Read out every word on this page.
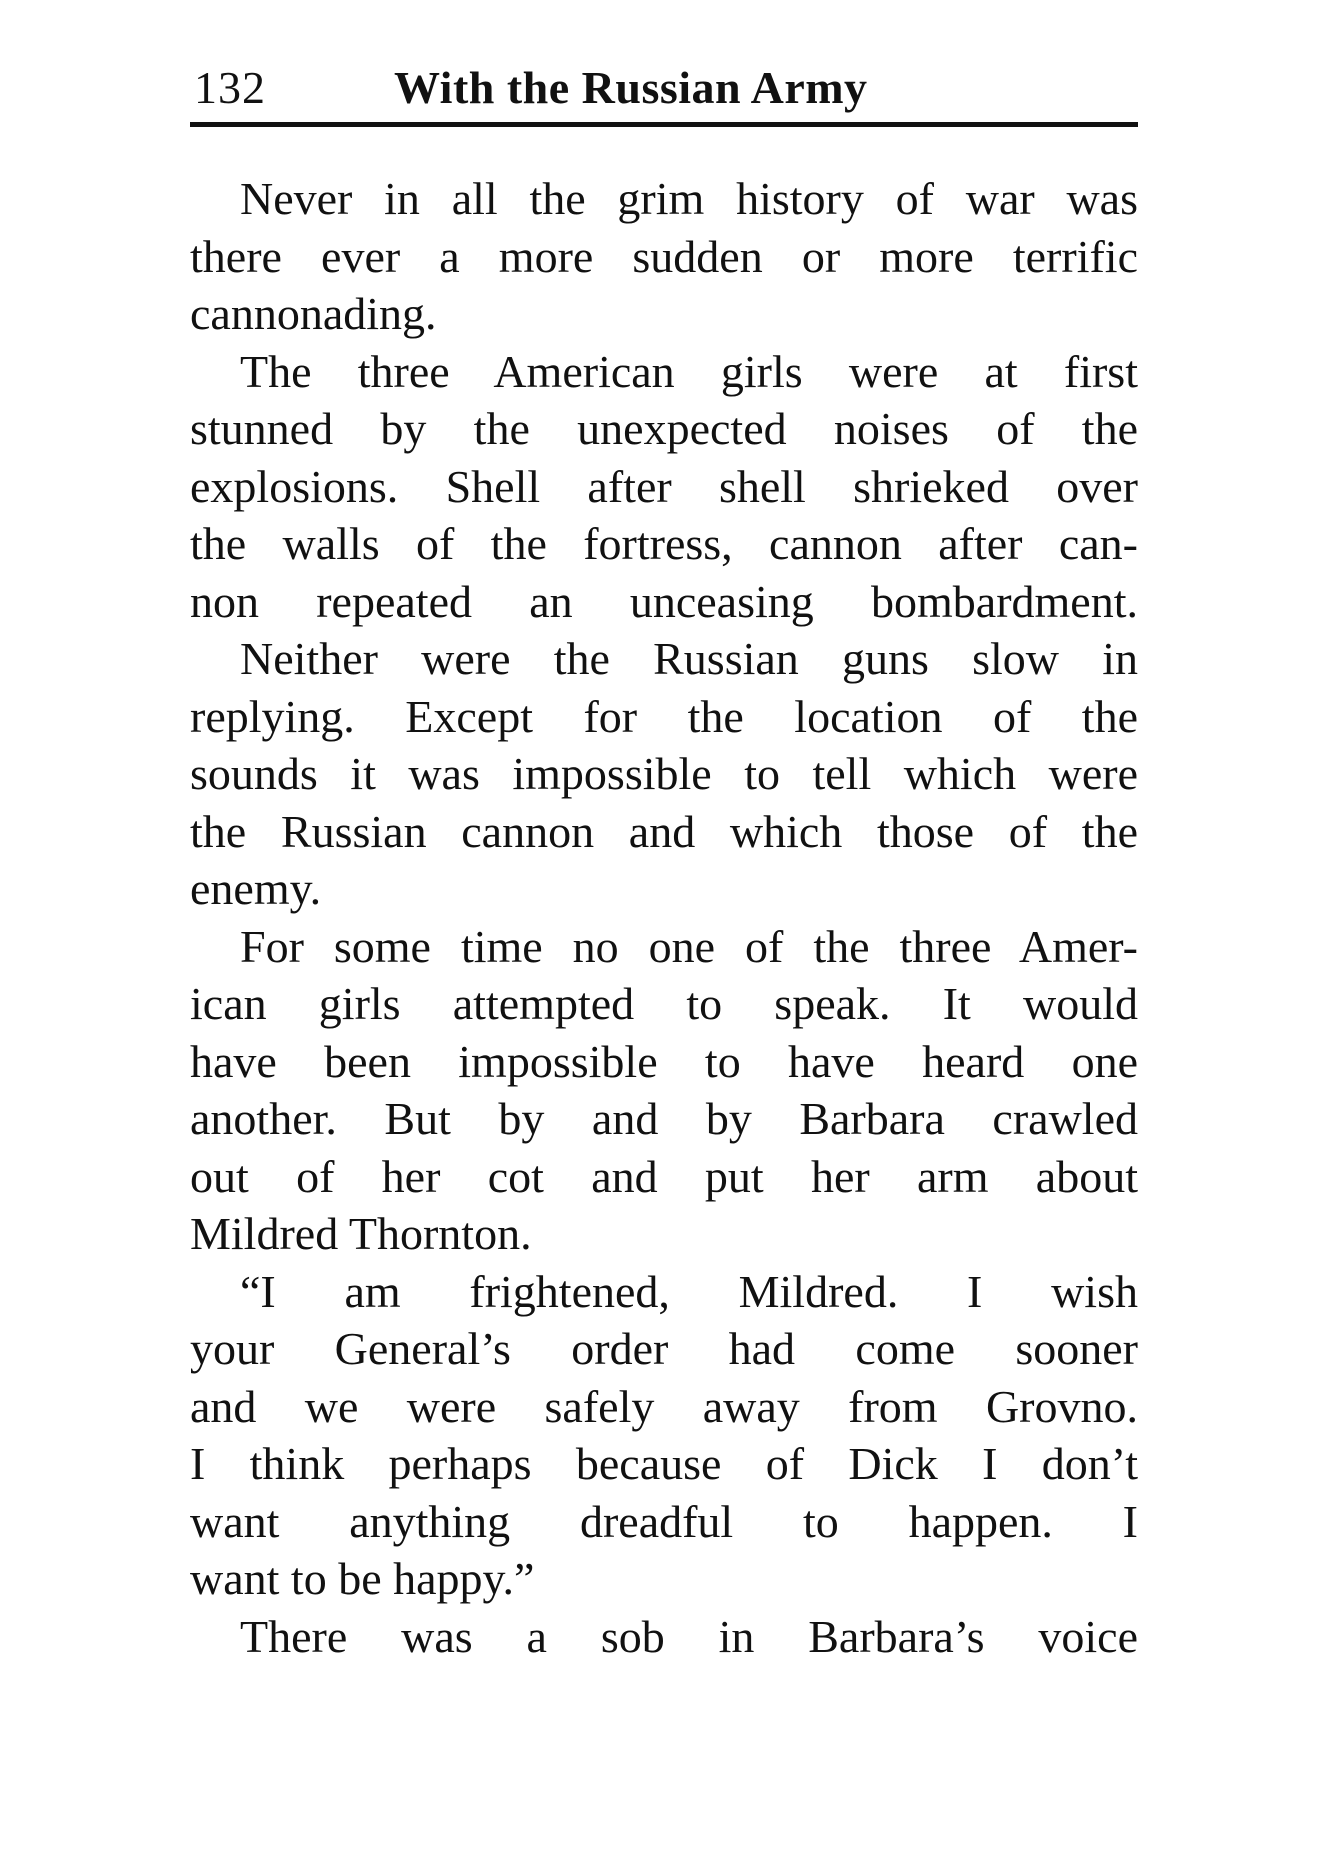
132	With the Russian Army
Never in all the grim history of war was
there ever a more sudden or more terrific
cannonading.
The three American girls were at first
stunned by the unexpected noises of the
explosions. Shell after shell shrieked over
the walls of the fortress, cannon after can-
non repeated an unceasing bombardment.
Neither were the Russian guns slow in
replying. Except for the location of the
sounds it was impossible to tell which were
the Russian cannon and which those of the
enemy.
For some time no one of the three Amer-
ican girls attempted to speak. It would
have been impossible to have heard one
another. But by and by Barbara crawled
out of her cot and put her arm about
Mildred Thornton.
“I am frightened, Mildred. I wish
your General’s order had come sooner
and we were safely away from Grovno.
I think perhaps because of Dick I don’t
want anything dreadful to happen. I
want to be happy.”
There was a sob in Barbara’s voice
